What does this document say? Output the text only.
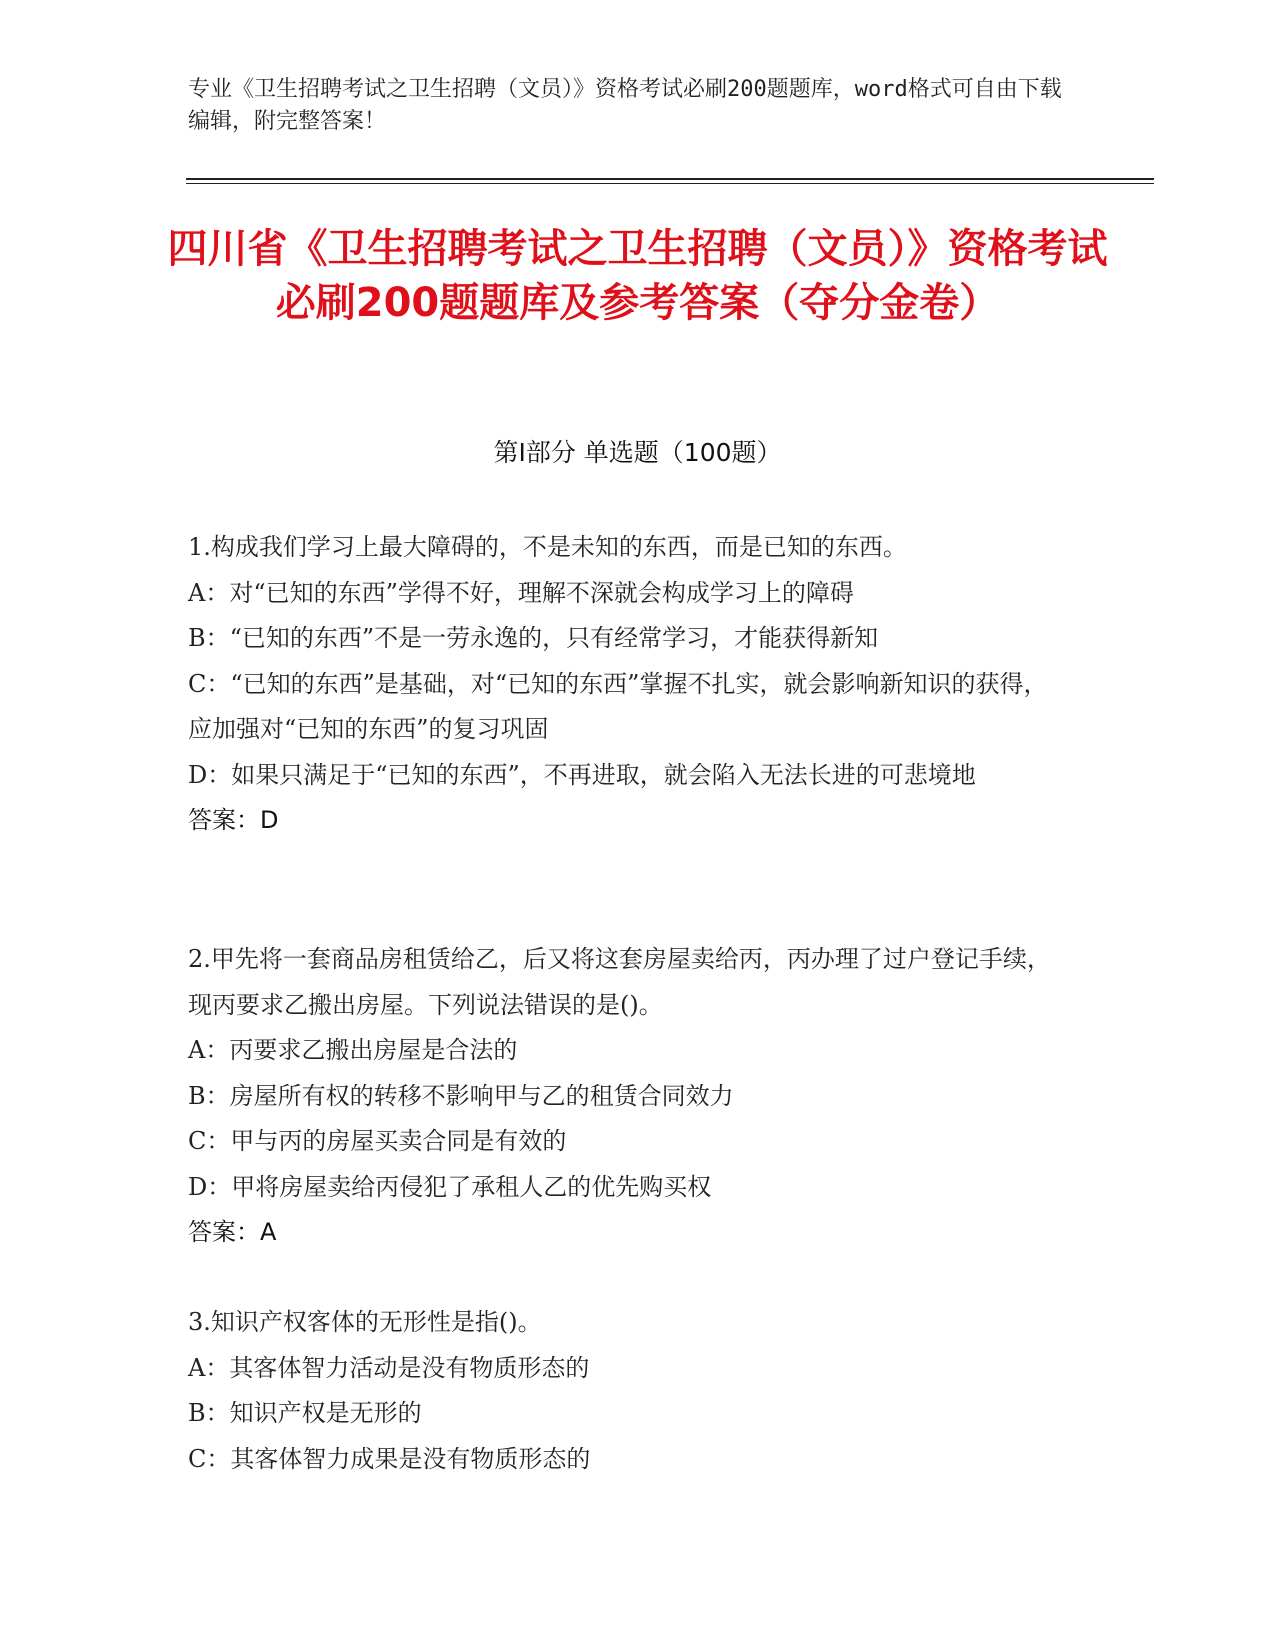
专业《卫生招聘考试之卫生招聘（文员）》资格考试必刷200题题库，word格式可自由下载编辑，附完整答案！
四川省《卫生招聘考试之卫生招聘（文员）》资格考试必刷200题题库及参考答案（夺分金卷）
第Ⅰ部分 单选题（100题）
1.构成我们学习上最大障碍的，不是未知的东西，而是已知的东西。
A：对“已知的东西”学得不好，理解不深就会构成学习上的障碍
B：“已知的东西”不是一劳永逸的，只有经常学习，才能获得新知
C：“已知的东西”是基础，对“已知的东西”掌握不扎实，就会影响新知识的获得，应加强对“已知的东西”的复习巩固
D：如果只满足于“已知的东西”，不再进取，就会陷入无法长进的可悲境地
答案：D
2.甲先将一套商品房租赁给乙，后又将这套房屋卖给丙，丙办理了过户登记手续，现丙要求乙搬出房屋。下列说法错误的是()。
A：丙要求乙搬出房屋是合法的
B：房屋所有权的转移不影响甲与乙的租赁合同效力
C：甲与丙的房屋买卖合同是有效的
D：甲将房屋卖给丙侵犯了承租人乙的优先购买权
答案：A
3.知识产权客体的无形性是指()。
A：其客体智力活动是没有物质形态的
B：知识产权是无形的
C：其客体智力成果是没有物质形态的
